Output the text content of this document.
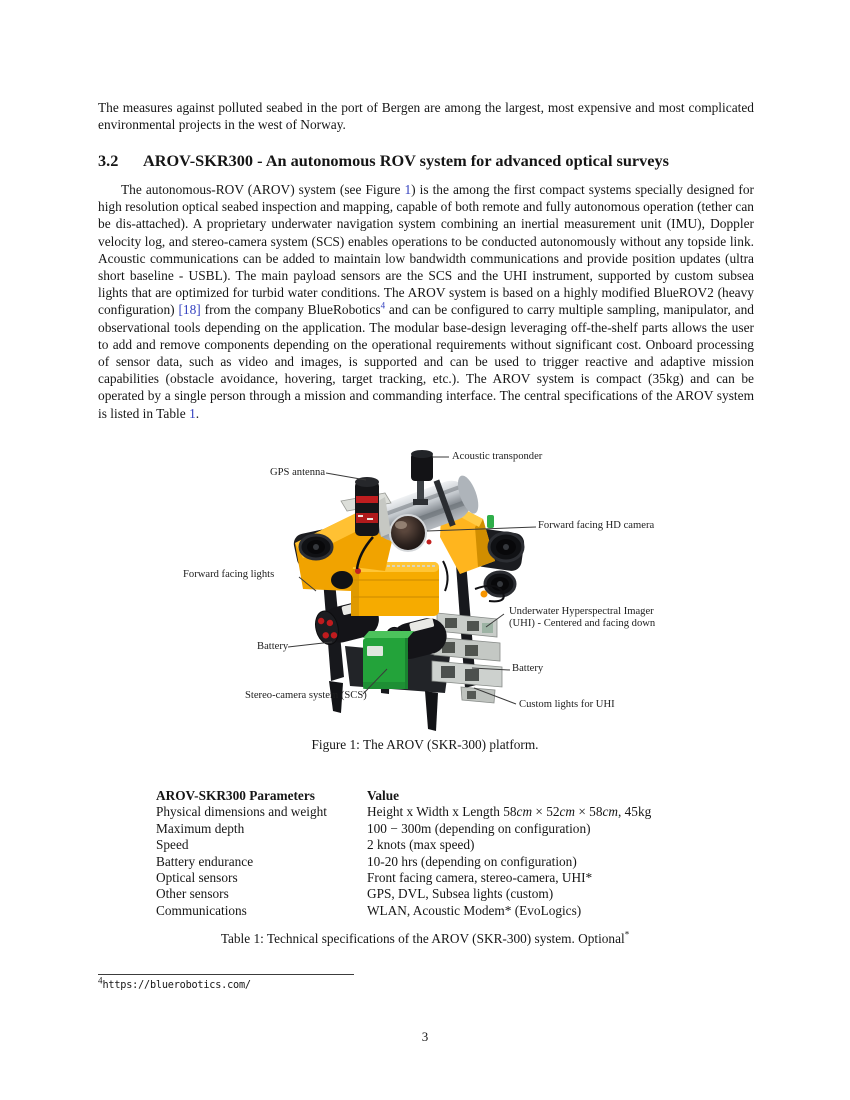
The measures against polluted seabed in the port of Bergen are among the largest, most expensive and most complicated environmental projects in the west of Norway.

3.2	AROV-SKR300 - An autonomous ROV system for advanced optical surveys

The autonomous-ROV (AROV) system (see Figure 1) is the among the first compact systems specially designed for high resolution optical seabed inspection and mapping, capable of both remote and fully autonomous operation (tether can be dis-attached). A proprietary underwater navigation system combining an inertial measurement unit (IMU), Doppler velocity log, and stereo-camera system (SCS) enables operations to be conducted autonomously without any topside link. Acoustic communications can be added to maintain low bandwidth communications and provide position updates (ultra short baseline - USBL). The main payload sensors are the SCS and the UHI instrument, supported by custom subsea lights that are optimized for turbid water conditions. The AROV system is based on a highly modified BlueROV2 (heavy configuration) [18] from the company BlueRobotics$^4$ and can be configured to carry multiple sampling, manipulator, and observational tools depending on the application. The modular base-design leveraging off-the-shelf parts allows the user to add and remove components depending on the operational requirements without significant cost. Onboard processing of sensor data, such as video and images, is supported and can be used to trigger reactive and adaptive mission capabilities (obstacle avoidance, hovering, target tracking, etc.). The AROV system is compact (35kg) and can be operated by a single person through a mission and commanding interface. The central specifications of the AROV system is listed in Table 1.

Acoustic transponder
GPS antenna
Forward facing HD camera
Forward facing lights
Underwater Hyperspectral Imager
(UHI) - Centered and facing down
Battery
Stereo-camera system (SCS)
Battery
Custom lights for UHI
Figure 1: The AROV (SKR-300) platform.
AROV-SKR300 Parameters	Value
Physical dimensions and weight	Height x Width x Length 58cm × 52cm × 58cm, 45kg
Maximum depth	100 − 300m (depending on configuration)
Speed	2 knots (max speed)
Battery endurance	10-20 hrs (depending on configuration)
Optical sensors	Front facing camera, stereo-camera, UHI*
Other sensors	GPS, DVL, Subsea lights (custom)
Communications	WLAN, Acoustic Modem* (EvoLogics)
Table 1: Technical specifications of the AROV (SKR-300) system. Optional*
$^4$https://bluerobotics.com/
3
